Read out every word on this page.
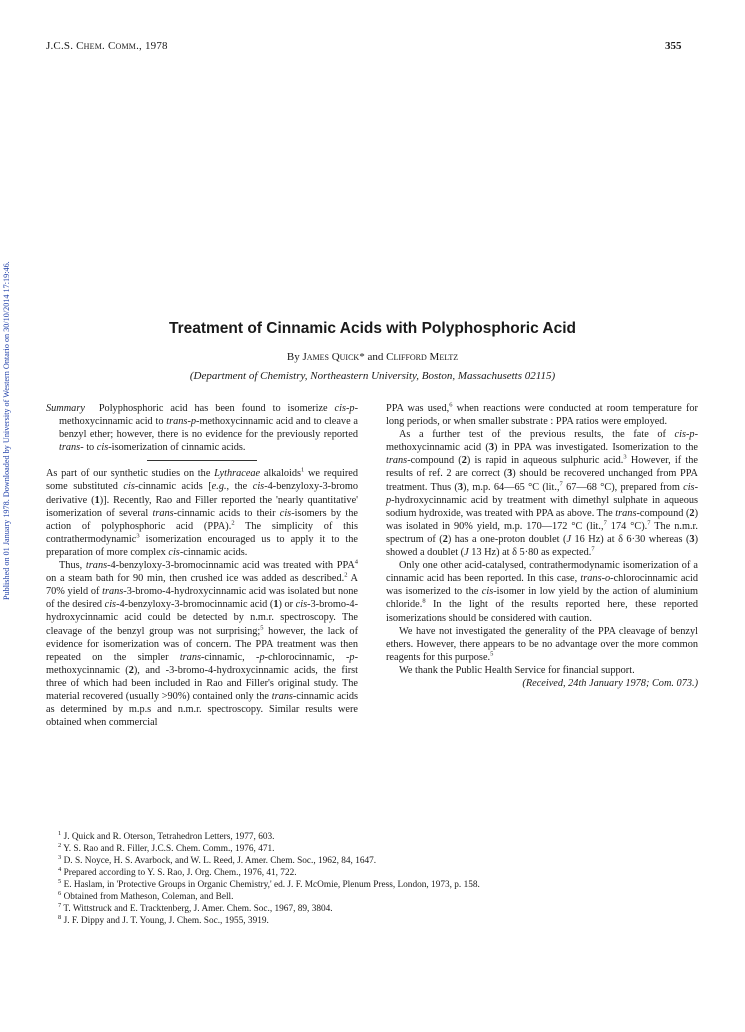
Published on 01 January 1978. Downloaded by University of Western Ontario on 30/10/2014 17:19:46.
J.C.S. Chem. Comm., 1978	355
Treatment of Cinnamic Acids with Polyphosphoric Acid
By James Quick* and Clifford Meltz
(Department of Chemistry, Northeastern University, Boston, Massachusetts 02115)

Summary  Polyphosphoric acid has been found to isomerize cis-p-methoxycinnamic acid to trans-p-methoxycinnamic acid and to cleave a benzyl ether; however, there is no evidence for the previously reported trans- to cis-isomerization of cinnamic acids.

As part of our synthetic studies on the Lythraceae alkaloids$^1$ we required some substituted cis-cinnamic acids [e.g., the cis-4-benzyloxy-3-bromo derivative (1)]. Recently, Rao and Filler reported the 'nearly quantitative' isomerization of several trans-cinnamic acids to their cis-isomers by the action of polyphosphoric acid (PPA).$^2$ The simplicity of this contrathermodynamic$^3$ isomerization encouraged us to apply it to the preparation of more complex cis-cinnamic acids.

Thus, trans-4-benzyloxy-3-bromocinnamic acid was treated with PPA$^4$ on a steam bath for 90 min, then crushed ice was added as described.$^2$ A 70% yield of trans-3-bromo-4-hydroxycinnamic acid was isolated but none of the desired cis-4-benzyloxy-3-bromocinnamic acid (1) or cis-3-bromo-4-hydroxycinnamic acid could be detected by n.m.r. spectroscopy. The cleavage of the benzyl group was not surprising;$^5$ however, the lack of evidence for isomerization was of concern. The PPA treatment was then repeated on the simpler trans-cinnamic, -p-chlorocinnamic, -p-methoxycinnamic (2), and -3-bromo-4-hydroxycinnamic acids, the first three of which had been included in Rao and Filler's original study. The material recovered (usually >90%) contained only the trans-cinnamic acids as determined by m.p.s and n.m.r. spectroscopy. Similar results were obtained when commercial

PPA was used,$^6$ when reactions were conducted at room temperature for long periods, or when smaller substrate : PPA ratios were employed.

As a further test of the previous results, the fate of cis-p-methoxycinnamic acid (3) in PPA was investigated. Isomerization to the trans-compound (2) is rapid in aqueous sulphuric acid.$^3$ However, if the results of ref. 2 are correct (3) should be recovered unchanged from PPA treatment. Thus (3), m.p. 64—65 °C (lit.,$^7$ 67—68 °C), prepared from cis-p-hydroxycinnamic acid by treatment with dimethyl sulphate in aqueous sodium hydroxide, was treated with PPA as above. The trans-compound (2) was isolated in 90% yield, m.p. 170—172 °C (lit.,$^7$ 174 °C).$^7$ The n.m.r. spectrum of (2) has a one-proton doublet (J 16 Hz) at δ 6·30 whereas (3) showed a doublet (J 13 Hz) at δ 5·80 as expected.$^7$

Only one other acid-catalysed, contrathermodynamic isomerization of a cinnamic acid has been reported. In this case, trans-o-chlorocinnamic acid was isomerized to the cis-isomer in low yield by the action of aluminium chloride.$^8$ In the light of the results reported here, these reported isomerizations should be considered with caution.

We have not investigated the generality of the PPA cleavage of benzyl ethers. However, there appears to be no advantage over the more common reagents for this purpose.$^5$

We thank the Public Health Service for financial support.

(Received, 24th January 1978; Com. 073.)

$^1$ J. Quick and R. Oterson, Tetrahedron Letters, 1977, 603.
$^2$ Y. S. Rao and R. Filler, J.C.S. Chem. Comm., 1976, 471.
$^3$ D. S. Noyce, H. S. Avarbock, and W. L. Reed, J. Amer. Chem. Soc., 1962, 84, 1647.
$^4$ Prepared according to Y. S. Rao, J. Org. Chem., 1976, 41, 722.
$^5$ E. Haslam, in 'Protective Groups in Organic Chemistry,' ed. J. F. McOmie, Plenum Press, London, 1973, p. 158.
$^6$ Obtained from Matheson, Coleman, and Bell.
$^7$ T. Wittstruck and E. Tracktenberg, J. Amer. Chem. Soc., 1967, 89, 3804.
$^8$ J. F. Dippy and J. T. Young, J. Chem. Soc., 1955, 3919.
